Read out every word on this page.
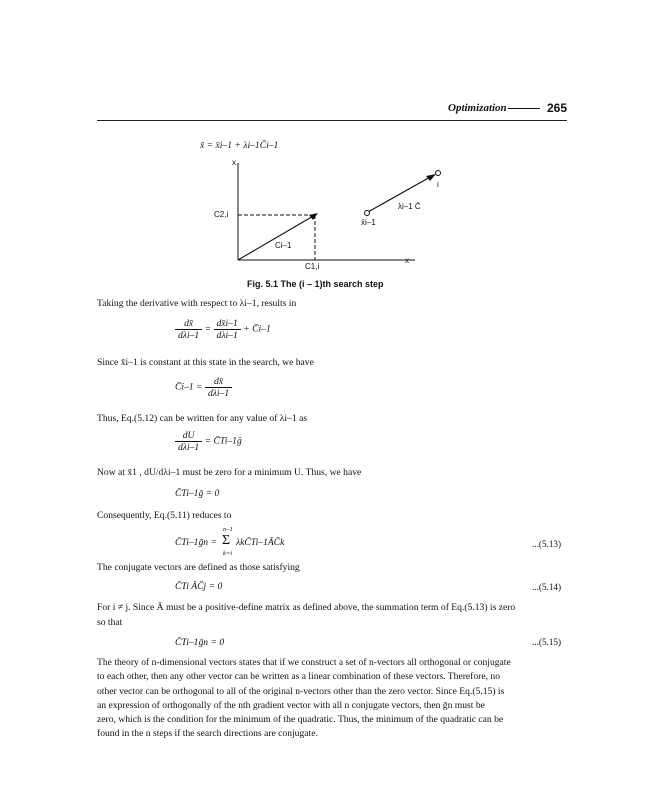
Optimization	265
x̄ = x̄i–1 + λi–1C̄i–1
x
x
C2,i
C1,i
Ci–1
x̄i–1
λi–1 C̄
i
Fig. 5.1 The (i – 1)th search step
Taking the derivative with respect to λi–1, results in
$\frac{dx̄}{\text{dλi–1}} = \frac{dx̄i-1}{\text{dλi–1}}$ + C̄i–1
Since x̄i–1 is constant at this state in the search, we have
C̄i–1 = $\frac{dx̄}{\text{dλi–1}}$
Thus, Eq.(5.12) can be written for any value of λi–1 as
$\frac{dU}{\text{dλi–1}}$ = C̄Ti–1ḡ
Now at x̄1 , dU/dλi–1 must be zero for a minimum U. Thus, we have
C̄Ti–1ḡ = 0
Consequently, Eq.(5.11) reduces to
C̄Ti–1ḡn =
n–1
Σ
k=i
λkC̄Ti–1ĀC̄k	...(5.13)
The conjugate vectors are defined as those satisfying
C̄Ti ĀC̄j = 0	...(5.14)
For i ≠ j. Since Ā must be a positive-define matrix as defined above, the summation term of Eq.(5.13) is zero
so that
C̄Ti–1ḡn = 0	...(5.15)
The theory of n-dimensional vectors states that if we construct a set of n-vectors all orthogonal or conjugate
to each other, then any other vector can be written as a linear combination of these vectors. Therefore, no
other vector can be orthogonal to all of the original n-vectors other than the zero vector. Since Eq.(5.15) is
an expression of orthogonally of the nth gradient vector with all n conjugate vectors, then ḡn must be
zero, which is the condition for the minimum of the quadratic. Thus, the minimum of the quadratic can be
found in the n steps if the search directions are conjugate.
